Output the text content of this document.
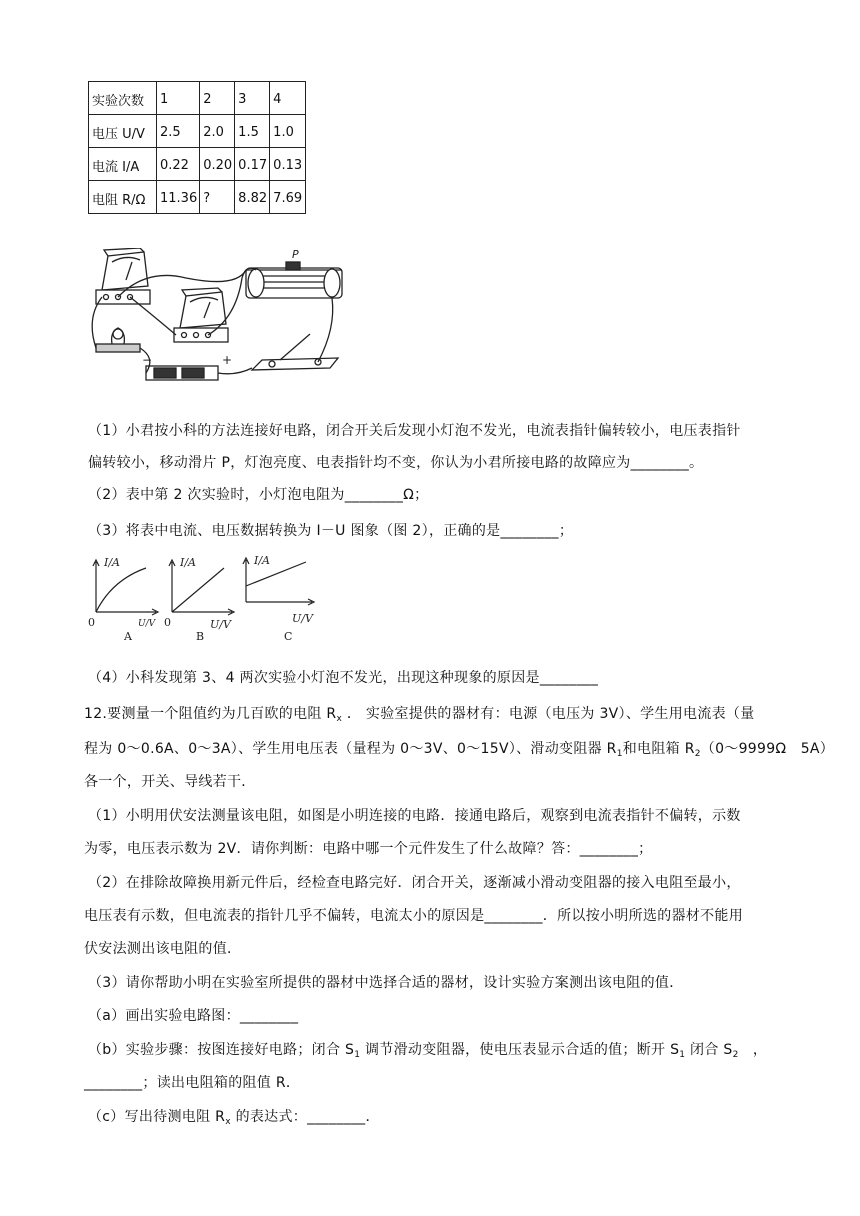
实验次数	1	2	3	4
电压 U/V	2.5	2.0	1.5	1.0
电流 I/A	0.22	0.20	0.17	0.13
电阻 R/Ω	11.36	?	8.82	7.69
P
−	+
（1）小君按小科的方法连接好电路，闭合开关后发现小灯泡不发光，电流表指针偏转较小，电压表指针
偏转较小，移动滑片 P，灯泡亮度、电表指针均不变，你认为小君所接电路的故障应为________。
（2）表中第 2 次实验时，小灯泡电阻为________Ω；
（3）将表中电流、电压数据转换为 I－U 图象（图 2），正确的是________；
I/A
0	U/V
A
I/A
0	U/V
B
I/A
U/V
C
（4）小科发现第 3、4 两次实验小灯泡不发光，出现这种现象的原因是________
12.要测量一个阻值约为几百欧的电阻 $R_x$ ． 实验室提供的器材有：电源（电压为 3V）、学生用电流表（量
程为 0～0.6A、0～3A）、学生用电压表（量程为 0～3V、0～15V）、滑动变阻器 $R_1$和电阻箱 $R_2(0\sim 9999\Omega$　5A）
各一个，开关、导线若干．
（1）小明用伏安法测量该电阻，如图是小明连接的电路．接通电路后，观察到电流表指针不偏转，示数
为零，电压表示数为 2V．请你判断：电路中哪一个元件发生了什么故障？答：________；
（2）在排除故障换用新元件后，经检查电路完好．闭合开关，逐渐减小滑动变阻器的接入电阻至最小，
电压表有示数，但电流表的指针几乎不偏转，电流太小的原因是________．所以按小明所选的器材不能用
伏安法测出该电阻的值．
（3）请你帮助小明在实验室所提供的器材中选择合适的器材，设计实验方案测出该电阻的值．
（a）画出实验电路图：________
（b）实验步骤：按图连接好电路；闭合 $S_1$ 调节滑动变阻器，使电压表显示合适的值；断开 $S_1$ 闭合 $S_2$　，
________；读出电阻箱的阻值 R．
（c）写出待测电阻 $R_x$ 的表达式：________．
